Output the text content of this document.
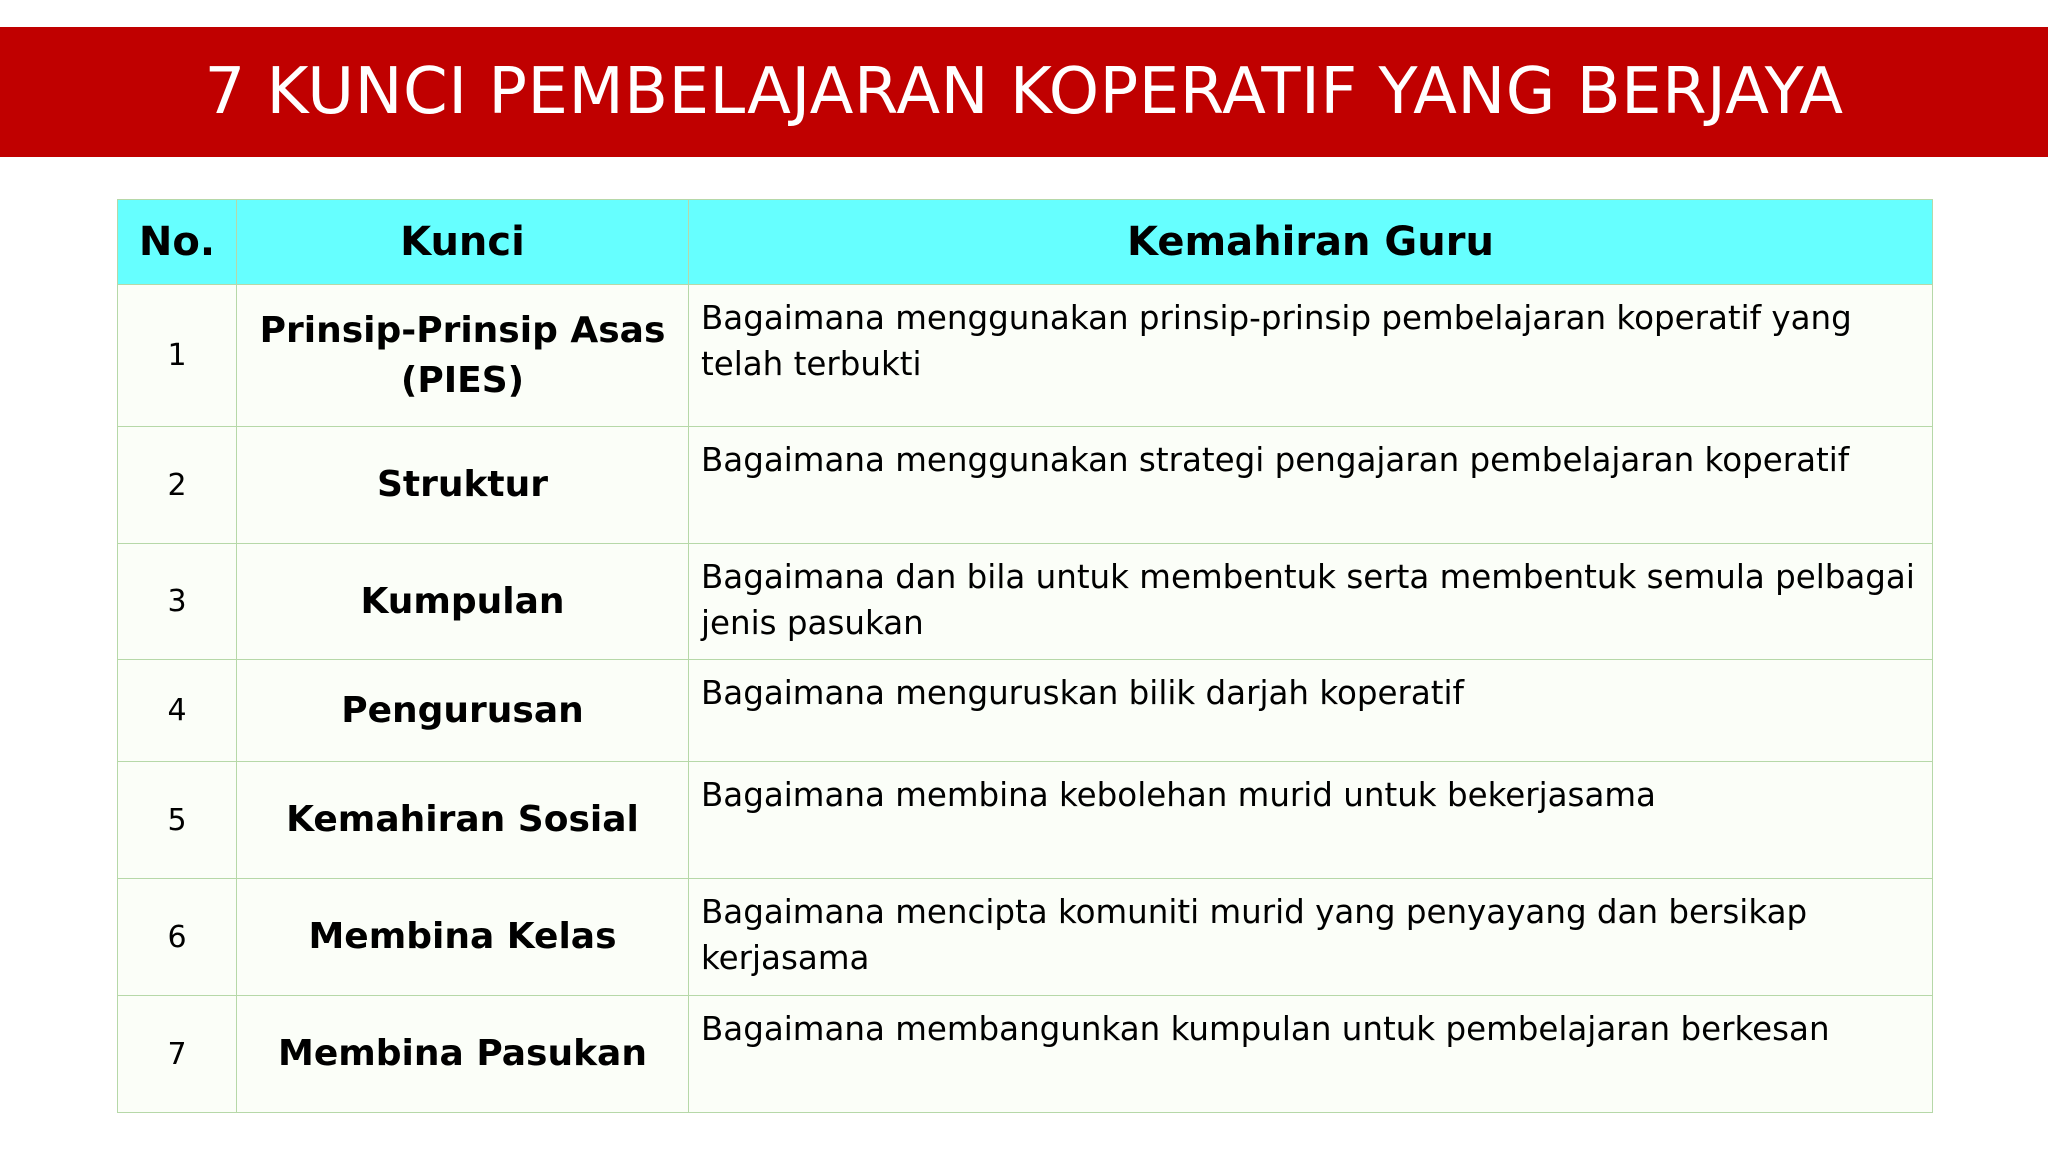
7 KUNCI PEMBELAJARAN KOPERATIF YANG BERJAYA
No.	Kunci	Kemahiran Guru
1	Prinsip-Prinsip Asas (PIES)	Bagaimana menggunakan prinsip-prinsip pembelajaran koperatif yang telah terbukti
2	Struktur	Bagaimana menggunakan strategi pengajaran pembelajaran koperatif
3	Kumpulan	Bagaimana dan bila untuk membentuk serta membentuk semula pelbagai jenis pasukan
4	Pengurusan	Bagaimana menguruskan bilik darjah koperatif
5	Kemahiran Sosial	Bagaimana membina kebolehan murid untuk bekerjasama
6	Membina Kelas	Bagaimana mencipta komuniti murid yang penyayang dan bersikap kerjasama
7	Membina Pasukan	Bagaimana membangunkan kumpulan untuk pembelajaran berkesan
